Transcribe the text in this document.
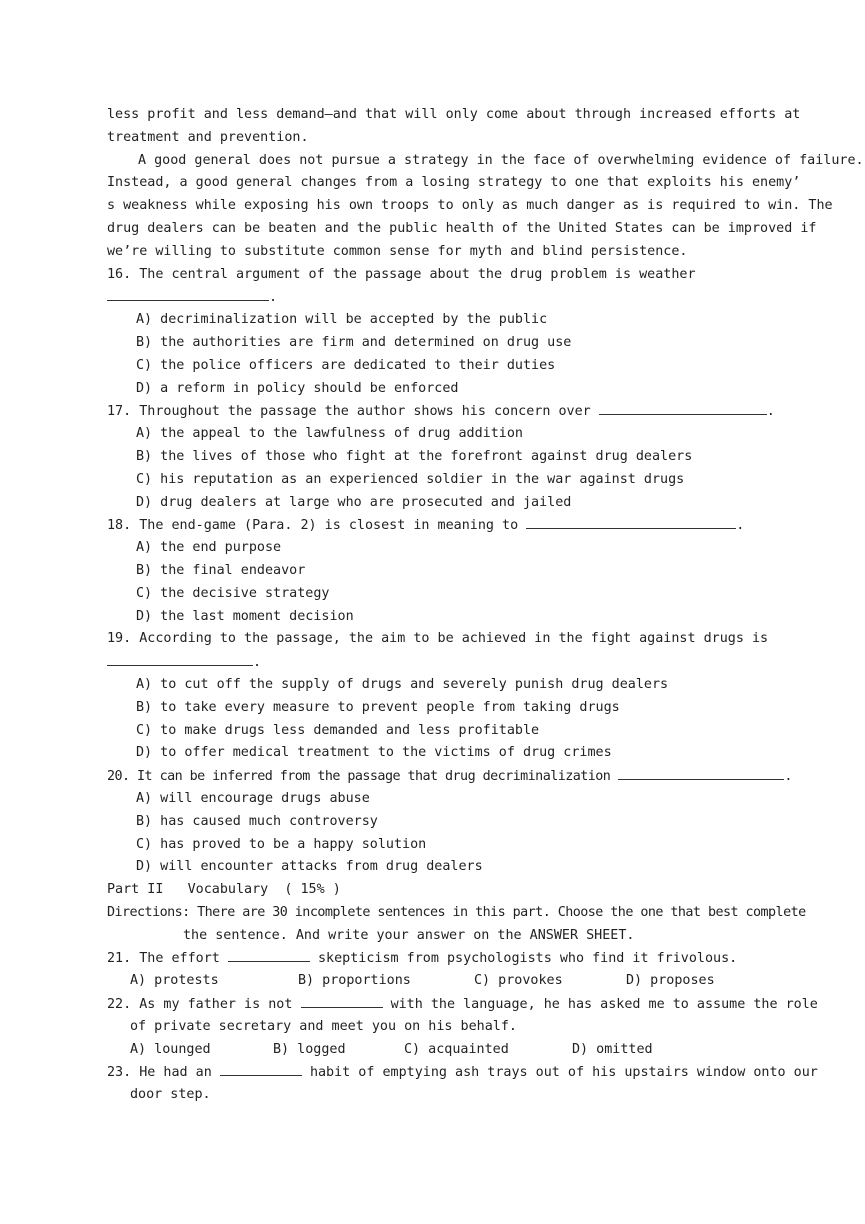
less profit and less demand—and that will only come about through increased efforts at
treatment and prevention.
A good general does not pursue a strategy in the face of overwhelming evidence of failure.
Instead, a good general changes from a losing strategy to one that exploits his enemy’
s weakness while exposing his own troops to only as much danger as is required to win. The
drug dealers can be beaten and the public health of the United States can be improved if
we’re willing to substitute common sense for myth and blind persistence.
16. The central argument of the passage about the drug problem is weather
.
A) decriminalization will be accepted by the public
B) the authorities are firm and determined on drug use
C) the police officers are dedicated to their duties
D) a reform in policy should be enforced
17. Throughout the passage the author shows his concern over	.
A) the appeal to the lawfulness of drug addition
B) the lives of those who fight at the forefront against drug dealers
C) his reputation as an experienced soldier in the war against drugs
D) drug dealers at large who are prosecuted and jailed
18. The end-game (Para. 2) is closest in meaning to	.
A) the end purpose
B) the final endeavor
C) the decisive strategy
D) the last moment decision
19. According to the passage, the aim to be achieved in the fight against drugs is
.
A) to cut off the supply of drugs and severely punish drug dealers
B) to take every measure to prevent people from taking drugs
C) to make drugs less demanded and less profitable
D) to offer medical treatment to the victims of drug crimes
20. It can be inferred from the passage that drug decriminalization	.
A) will encourage drugs abuse
B) has caused much controversy
C) has proved to be a happy solution
D) will encounter attacks from drug dealers
Part II   Vocabulary  ( 15% )
Directions: There are 30 incomplete sentences in this part. Choose the one that best complete
the sentence. And write your answer on the ANSWER SHEET.
21. The effort	skepticism from psychologists who find it frivolous.
A) protests	B) proportions	C) provokes	D) proposes
22. As my father is not	with the language, he has asked me to assume the role
of private secretary and meet you on his behalf.
A) lounged	B) logged	C) acquainted	D) omitted
23. He had an	habit of emptying ash trays out of his upstairs window onto our
door step.
